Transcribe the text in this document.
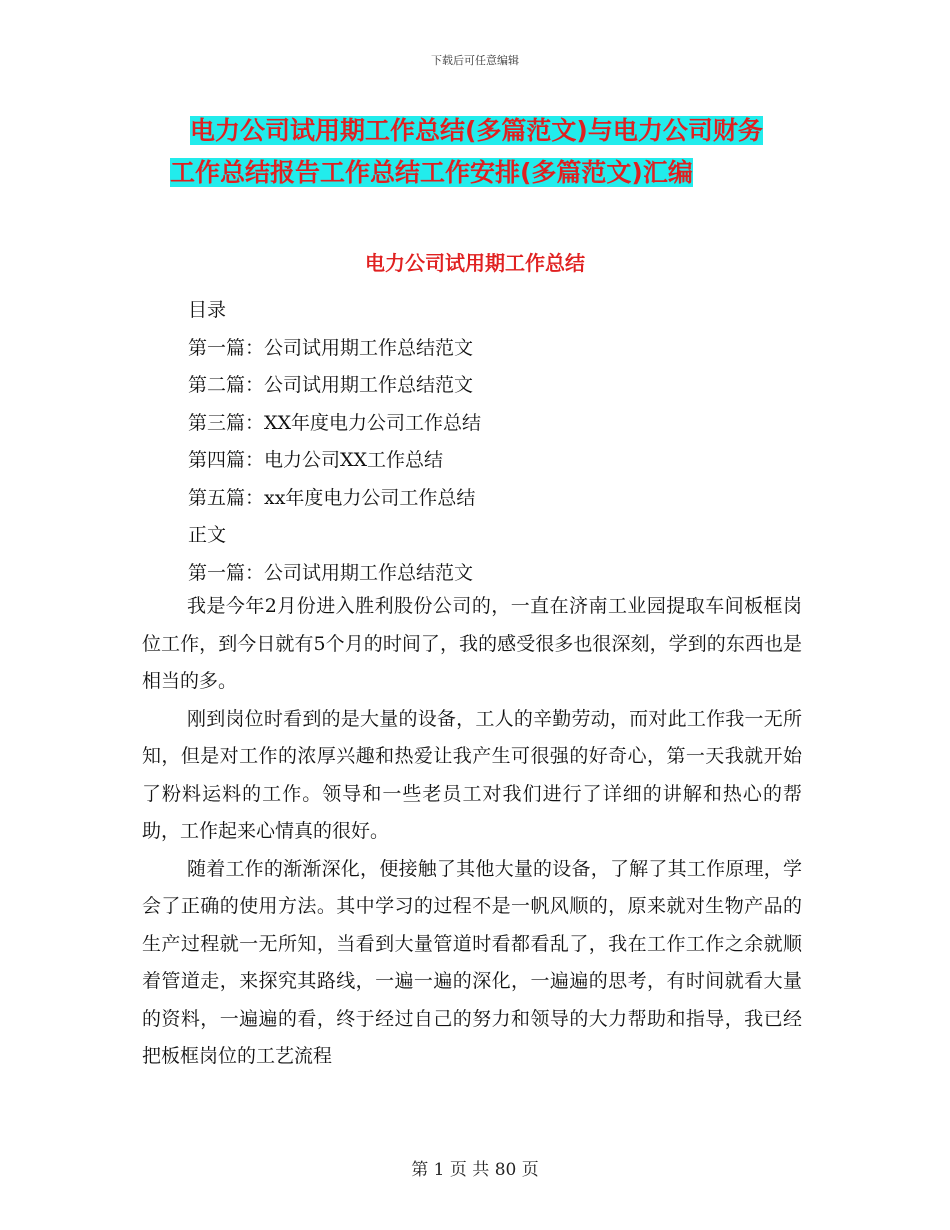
下载后可任意编辑
电力公司试用期工作总结(多篇范文)与电力公司财务
工作总结报告工作总结工作安排(多篇范文)汇编
电力公司试用期工作总结
目录
第一篇：公司试用期工作总结范文
第二篇：公司试用期工作总结范文
第三篇：XX年度电力公司工作总结
第四篇：电力公司XX工作总结
第五篇：xx年度电力公司工作总结
正文
第一篇：公司试用期工作总结范文

我是今年2月份进入胜利股份公司的，一直在济南工业园提取车间板框岗位工作，到今日就有5个月的时间了，我的感受很多也很深刻，学到的东西也是相当的多。

刚到岗位时看到的是大量的设备，工人的辛勤劳动，而对此工作我一无所知，但是对工作的浓厚兴趣和热爱让我产生可很强的好奇心，第一天我就开始了粉料运料的工作。领导和一些老员工对我们进行了详细的讲解和热心的帮助，工作起来心情真的很好。

随着工作的渐渐深化，便接触了其他大量的设备，了解了其工作原理，学会了正确的使用方法。其中学习的过程不是一帆风顺的，原来就对生物产品的生产过程就一无所知，当看到大量管道时看都看乱了，我在工作工作之余就顺着管道走，来探究其路线，一遍一遍的深化，一遍遍的思考，有时间就看大量的资料，一遍遍的看，终于经过自己的努力和领导的大力帮助和指导，我已经把板框岗位的工艺流程

第 1 页 共 80 页
